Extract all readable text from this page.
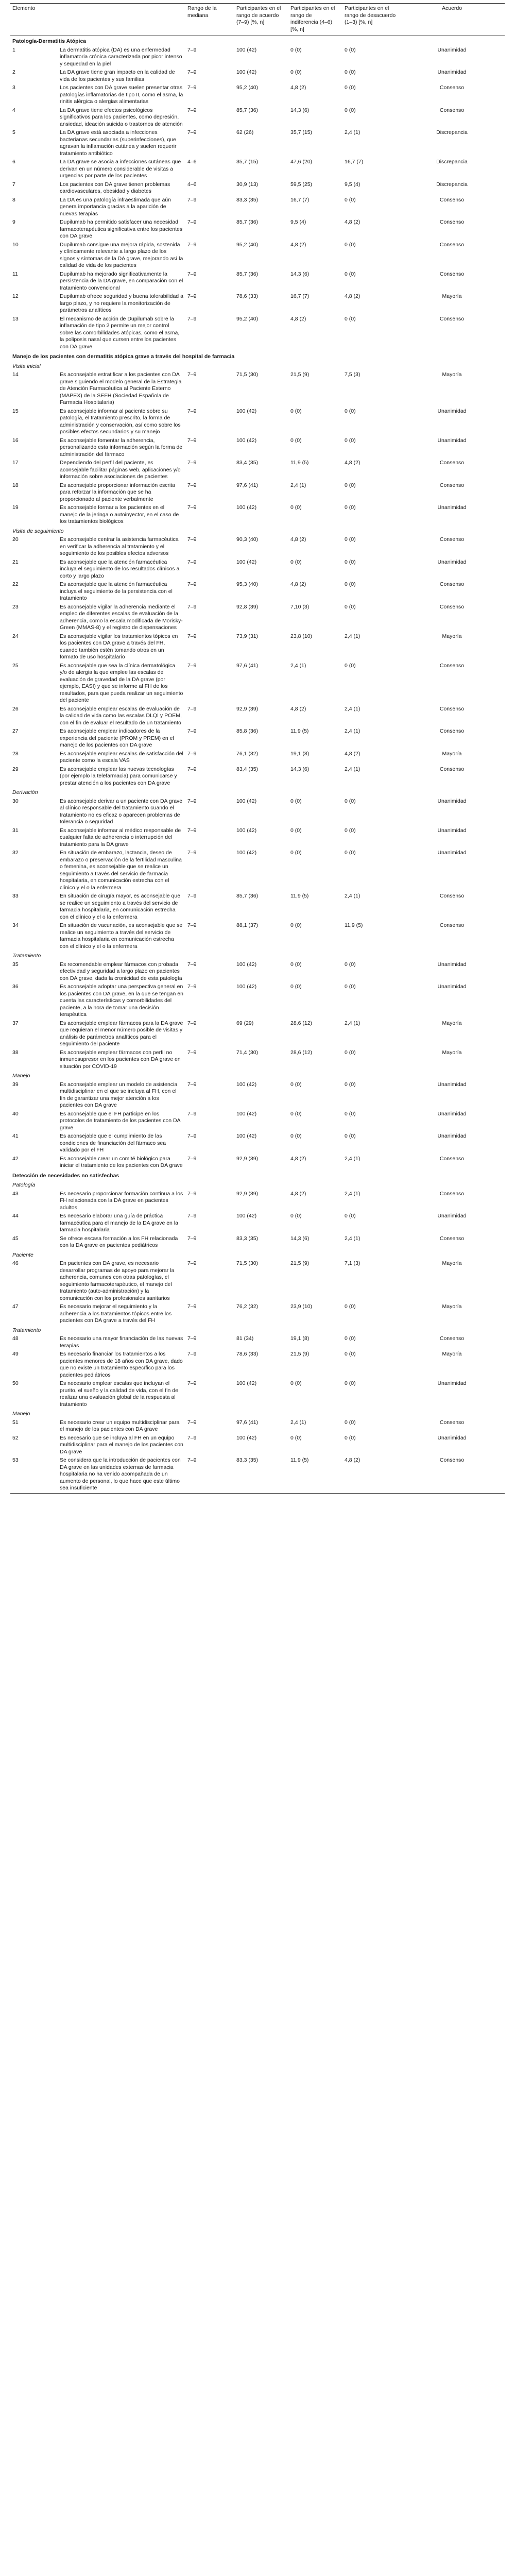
Elemento	Rango de la mediana	Participantes en el rango de acuerdo (7–9) [%, n]	Participantes en el rango de indiferencia (4–6) [%, n]	Participantes en el rango de desacuerdo (1–3) [%, n]	Acuerdo
Patología-Dermatitis Atópica					

1 La dermatitis atópica (DA) es una enfermedad inflamatoria crónica caracterizada por picor intenso y sequedad en la piel	7–9	100 (42)	0 (0)	0 (0)	Unanimidad

2 La DA grave tiene gran impacto en la calidad de vida de los pacientes y sus familias	7–9	100 (42)	0 (0)	0 (0)	Unanimidad

3 Los pacientes con DA grave suelen presentar otras patologías inflamatorias de tipo II, como el asma, la rinitis alérgica o alergias alimentarias	7–9	95,2 (40)	4,8 (2)	0 (0)	Consenso

4 La DA grave tiene efectos psicológicos significativos para los pacientes, como depresión, ansiedad, ideación suicida o trastornos de atención	7–9	85,7 (36)	14,3 (6)	0 (0)	Consenso

5 La DA grave está asociada a infecciones bacterianas secundarias (superinfecciones), que agravan la inflamación cutánea y suelen requerir tratamiento antibiótico	7–9	62 (26)	35,7 (15)	2,4 (1)	Discrepancia

6 La DA grave se asocia a infecciones cutáneas que derivan en un número considerable de visitas a urgencias por parte de los pacientes	4–6	35,7 (15)	47,6 (20)	16,7 (7)	Discrepancia

7 Los pacientes con DA grave tienen problemas cardiovasculares, obesidad y diabetes	4–6	30,9 (13)	59,5 (25)	9,5 (4)	Discrepancia

8 La DA es una patología infraestimada que aún genera importancia gracias a la aparición de nuevas terapias	7–9	83,3 (35)	16,7 (7)	0 (0)	Consenso

9 Dupilumab ha permitido satisfacer una necesidad farmacoterapéutica significativa entre los pacientes con DA grave	7–9	85,7 (36)	9,5 (4)	4,8 (2)	Consenso

10 Dupilumab consigue una mejora rápida, sostenida y clínicamente relevante a largo plazo de los signos y síntomas de la DA grave, mejorando así la calidad de vida de los pacientes	7–9	95,2 (40)	4,8 (2)	0 (0)	Consenso

11 Dupilumab ha mejorado significativamente la persistencia de la DA grave, en comparación con el tratamiento convencional	7–9	85,7 (36)	14,3 (6)	0 (0)	Consenso

12 Dupilumab ofrece seguridad y buena tolerabilidad a largo plazo, y no requiere la monitorización de parámetros analíticos	7–9	78,6 (33)	16,7 (7)	4,8 (2)	Mayoría

13 El mecanismo de acción de Dupilumab sobre la inflamación de tipo 2 permite un mejor control sobre las comorbilidades atópicas, como el asma, la poliposis nasal que cursen entre los pacientes con DA grave	7–9	95,2 (40)	4,8 (2)	0 (0)	Consenso
Manejo de los pacientes con dermatitis atópica grave a través del hospital de farmacia					
Visita inicial					

14 Es aconsejable estratificar a los pacientes con DA grave siguiendo el modelo general de la Estrategia de Atención Farmacéutica al Paciente Externo (MAPEX) de la SEFH (Sociedad Española de Farmacia Hospitalaria)	7–9	71,5 (30)	21,5 (9)	7,5 (3)	Mayoría

15 Es aconsejable informar al paciente sobre su patología, el tratamiento prescrito, la forma de administración y conservación, así como sobre los posibles efectos secundarios y su manejo	7–9	100 (42)	0 (0)	0 (0)	Unanimidad

16 Es aconsejable fomentar la adherencia, personalizando esta información según la forma de administración del fármaco	7–9	100 (42)	0 (0)	0 (0)	Unanimidad

17 Dependiendo del perfil del paciente, es aconsejable facilitar páginas web, aplicaciones y/o información sobre asociaciones de pacientes	7–9	83,4 (35)	11,9 (5)	4,8 (2)	Consenso

18 Es aconsejable proporcionar información escrita para reforzar la información que se ha proporcionado al paciente verbalmente	7–9	97,6 (41)	2,4 (1)	0 (0)	Consenso

19 Es aconsejable formar a los pacientes en el manejo de la jeringa o autoinyector, en el caso de los tratamientos biológicos	7–9	100 (42)	0 (0)	0 (0)	Unanimidad
Visita de seguimiento					

20 Es aconsejable centrar la asistencia farmacéutica en verificar la adherencia al tratamiento y el seguimiento de los posibles efectos adversos	7–9	90,3 (40)	4,8 (2)	0 (0)	Consenso

21 Es aconsejable que la atención farmacéutica incluya el seguimiento de los resultados clínicos a corto y largo plazo	7–9	100 (42)	0 (0)	0 (0)	Unanimidad

22 Es aconsejable que la atención farmacéutica incluya el seguimiento de la persistencia con el tratamiento	7–9	95,3 (40)	4,8 (2)	0 (0)	Consenso

23 Es aconsejable vigilar la adherencia mediante el empleo de diferentes escalas de evaluación de la adherencia, como la escala modificada de Morisky-Green (MMAS-8) y el registro de dispensaciones	7–9	92,8 (39)	7,10 (3)	0 (0)	Consenso

24 Es aconsejable vigilar los tratamientos tópicos en los pacientes con DA grave a través del FH, cuando también estén tomando otros en un formato de uso hospitalario	7–9	73,9 (31)	23,8 (10)	2,4 (1)	Mayoría

25 Es aconsejable que sea la clínica dermatológica y/o de alergia la que emplee las escalas de evaluación de gravedad de la DA grave (por ejemplo, EASI) y que se informe al FH de los resultados, para que pueda realizar un seguimiento del paciente	7–9	97,6 (41)	2,4 (1)	0 (0)	Consenso

26 Es aconsejable emplear escalas de evaluación de la calidad de vida como las escalas DLQI y POEM, con el fin de evaluar el resultado de un tratamiento	7–9	92,9 (39)	4,8 (2)	2,4 (1)	Consenso

27 Es aconsejable emplear indicadores de la experiencia del paciente (PROM y PREM) en el manejo de los pacientes con DA grave	7–9	85,8 (36)	11,9 (5)	2,4 (1)	Consenso

28 Es aconsejable emplear escalas de satisfacción del paciente como la escala VAS	7–9	76,1 (32)	19,1 (8)	4,8 (2)	Mayoría

29 Es aconsejable emplear las nuevas tecnologías (por ejemplo la telefarmacia) para comunicarse y prestar atención a los pacientes con DA grave	7–9	83,4 (35)	14,3 (6)	2,4 (1)	Consenso
Derivación					

30 Es aconsejable derivar a un paciente con DA grave al clínico responsable del tratamiento cuando el tratamiento no es eficaz o aparecen problemas de tolerancia o seguridad	7–9	100 (42)	0 (0)	0 (0)	Unanimidad

31 Es aconsejable informar al médico responsable de cualquier falta de adherencia o interrupción del tratamiento para la DA grave	7–9	100 (42)	0 (0)	0 (0)	Unanimidad

32 En situación de embarazo, lactancia, deseo de embarazo o preservación de la fertilidad masculina o femenina, es aconsejable que se realice un seguimiento a través del servicio de farmacia hospitalaria, en comunicación estrecha con el clínico y el o la enfermera	7–9	100 (42)	0 (0)	0 (0)	Unanimidad

33 En situación de cirugía mayor, es aconsejable que se realice un seguimiento a través del servicio de farmacia hospitalaria, en comunicación estrecha con el clínico y el o la enfermera	7–9	85,7 (36)	11,9 (5)	2,4 (1)	Consenso

34 En situación de vacunación, es aconsejable que se realice un seguimiento a través del servicio de farmacia hospitalaria en comunicación estrecha con el clínico y el o la enfermera	7–9	88,1 (37)	0 (0)	11,9 (5)	Consenso
Tratamiento					

35 Es recomendable emplear fármacos con probada efectividad y seguridad a largo plazo en pacientes con DA grave, dada la cronicidad de esta patología	7–9	100 (42)	0 (0)	0 (0)	Unanimidad

36 Es aconsejable adoptar una perspectiva general en los pacientes con DA grave, en la que se tengan en cuenta las características y comorbilidades del paciente, a la hora de tomar una decisión terapéutica	7–9	100 (42)	0 (0)	0 (0)	Unanimidad

37 Es aconsejable emplear fármacos para la DA grave que requieran el menor número posible de visitas y análisis de parámetros analíticos para el seguimiento del paciente	7–9	69 (29)	28,6 (12)	2,4 (1)	Mayoría

38 Es aconsejable emplear fármacos con perfil no inmunosupresor en los pacientes con DA grave en situación por COVID-19	7–9	71,4 (30)	28,6 (12)	0 (0)	Mayoría
Manejo					

39 Es aconsejable emplear un modelo de asistencia multidisciplinar en el que se incluya al FH, con el fin de garantizar una mejor atención a los pacientes con DA grave	7–9	100 (42)	0 (0)	0 (0)	Unanimidad

40 Es aconsejable que el FH participe en los protocolos de tratamiento de los pacientes con DA grave	7–9	100 (42)	0 (0)	0 (0)	Unanimidad

41 Es aconsejable que el cumplimiento de las condiciones de financiación del fármaco sea validado por el FH	7–9	100 (42)	0 (0)	0 (0)	Unanimidad

42 Es aconsejable crear un comité biológico para iniciar el tratamiento de los pacientes con DA grave	7–9	92,9 (39)	4,8 (2)	2,4 (1)	Consenso
Detección de necesidades no satisfechas					
Patología					

43 Es necesario proporcionar formación continua a los FH relacionada con la DA grave en pacientes adultos	7–9	92,9 (39)	4,8 (2)	2,4 (1)	Consenso

44 Es necesario elaborar una guía de práctica farmacéutica para el manejo de la DA grave en la farmacia hospitalaria	7–9	100 (42)	0 (0)	0 (0)	Unanimidad

45 Se ofrece escasa formación a los FH relacionada con la DA grave en pacientes pediátricos	7–9	83,3 (35)	14,3 (6)	2,4 (1)	Consenso
Paciente					

46 En pacientes con DA grave, es necesario desarrollar programas de apoyo para mejorar la adherencia, comunes con otras patologías, el seguimiento farmacoterapéutico, el manejo del tratamiento (auto-administración) y la comunicación con los profesionales sanitarios	7–9	71,5 (30)	21,5 (9)	7,1 (3)	Mayoría

47 Es necesario mejorar el seguimiento y la adherencia a los tratamientos tópicos entre los pacientes con DA grave a través del FH	7–9	76,2 (32)	23,9 (10)	0 (0)	Mayoría
Tratamiento					

48 Es necesario una mayor financiación de las nuevas terapias	7–9	81 (34)	19,1 (8)	0 (0)	Consenso

49 Es necesario financiar los tratamientos a los pacientes menores de 18 años con DA grave, dado que no existe un tratamiento específico para los pacientes pediátricos	7–9	78,6 (33)	21,5 (9)	0 (0)	Mayoría

50 Es necesario emplear escalas que incluyan el prurito, el sueño y la calidad de vida, con el fin de realizar una evaluación global de la respuesta al tratamiento	7–9	100 (42)	0 (0)	0 (0)	Unanimidad
Manejo					

51 Es necesario crear un equipo multidisciplinar para el manejo de los pacientes con DA grave	7–9	97,6 (41)	2,4 (1)	0 (0)	Consenso

52 Es necesario que se incluya al FH en un equipo multidisciplinar para el manejo de los pacientes con DA grave	7–9	100 (42)	0 (0)	0 (0)	Unanimidad

53 Se considera que la introducción de pacientes con DA grave en las unidades externas de farmacia hospitalaria no ha venido acompañada de un aumento de personal, lo que hace que este último sea insuficiente	7–9	83,3 (35)	11,9 (5)	4,8 (2)	Consenso
